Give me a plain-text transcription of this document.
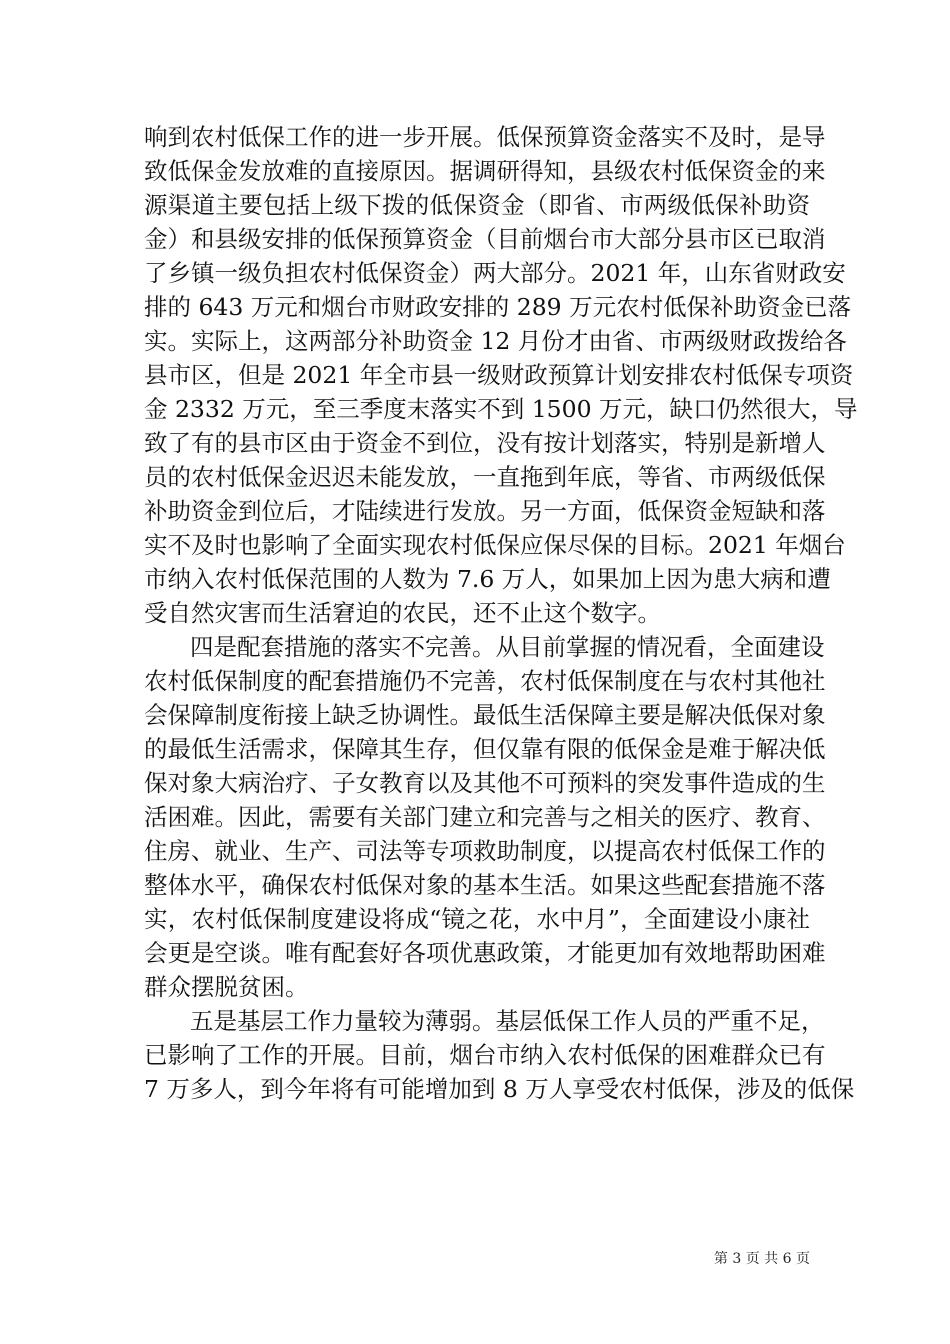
响到农村低保工作的进一步开展。低保预算资金落实不及时，是导

致低保金发放难的直接原因。据调研得知，县级农村低保资金的来

源渠道主要包括上级下拨的低保资金（即省、市两级低保补助资

金）和县级安排的低保预算资金（目前烟台市大部分县市区已取消

了乡镇一级负担农村低保资金）两大部分。2021 年，山东省财政安

排的 643 万元和烟台市财政安排的 289 万元农村低保补助资金已落

实。实际上，这两部分补助资金 12 月份才由省、市两级财政拨给各

县市区，但是 2021 年全市县一级财政预算计划安排农村低保专项资

金 2332 万元，至三季度末落实不到 1500 万元，缺口仍然很大，导

致了有的县市区由于资金不到位，没有按计划落实，特别是新增人

员的农村低保金迟迟未能发放，一直拖到年底，等省、市两级低保

补助资金到位后，才陆续进行发放。另一方面，低保资金短缺和落

实不及时也影响了全面实现农村低保应保尽保的目标。2021 年烟台

市纳入农村低保范围的人数为 7.6 万人，如果加上因为患大病和遭

受自然灾害而生活窘迫的农民，还不止这个数字。

四是配套措施的落实不完善。从目前掌握的情况看，全面建设

农村低保制度的配套措施仍不完善，农村低保制度在与农村其他社

会保障制度衔接上缺乏协调性。最低生活保障主要是解决低保对象

的最低生活需求，保障其生存，但仅靠有限的低保金是难于解决低

保对象大病治疗、子女教育以及其他不可预料的突发事件造成的生

活困难。因此，需要有关部门建立和完善与之相关的医疗、教育、

住房、就业、生产、司法等专项救助制度，以提高农村低保工作的

整体水平，确保农村低保对象的基本生活。如果这些配套措施不落

实，农村低保制度建设将成“镜之花，水中月”，全面建设小康社

会更是空谈。唯有配套好各项优惠政策，才能更加有效地帮助困难

群众摆脱贫困。

五是基层工作力量较为薄弱。基层低保工作人员的严重不足，

已影响了工作的开展。目前，烟台市纳入农村低保的困难群众已有

7 万多人，到今年将有可能增加到 8 万人享受农村低保，涉及的低保

第 3 页 共 6 页
